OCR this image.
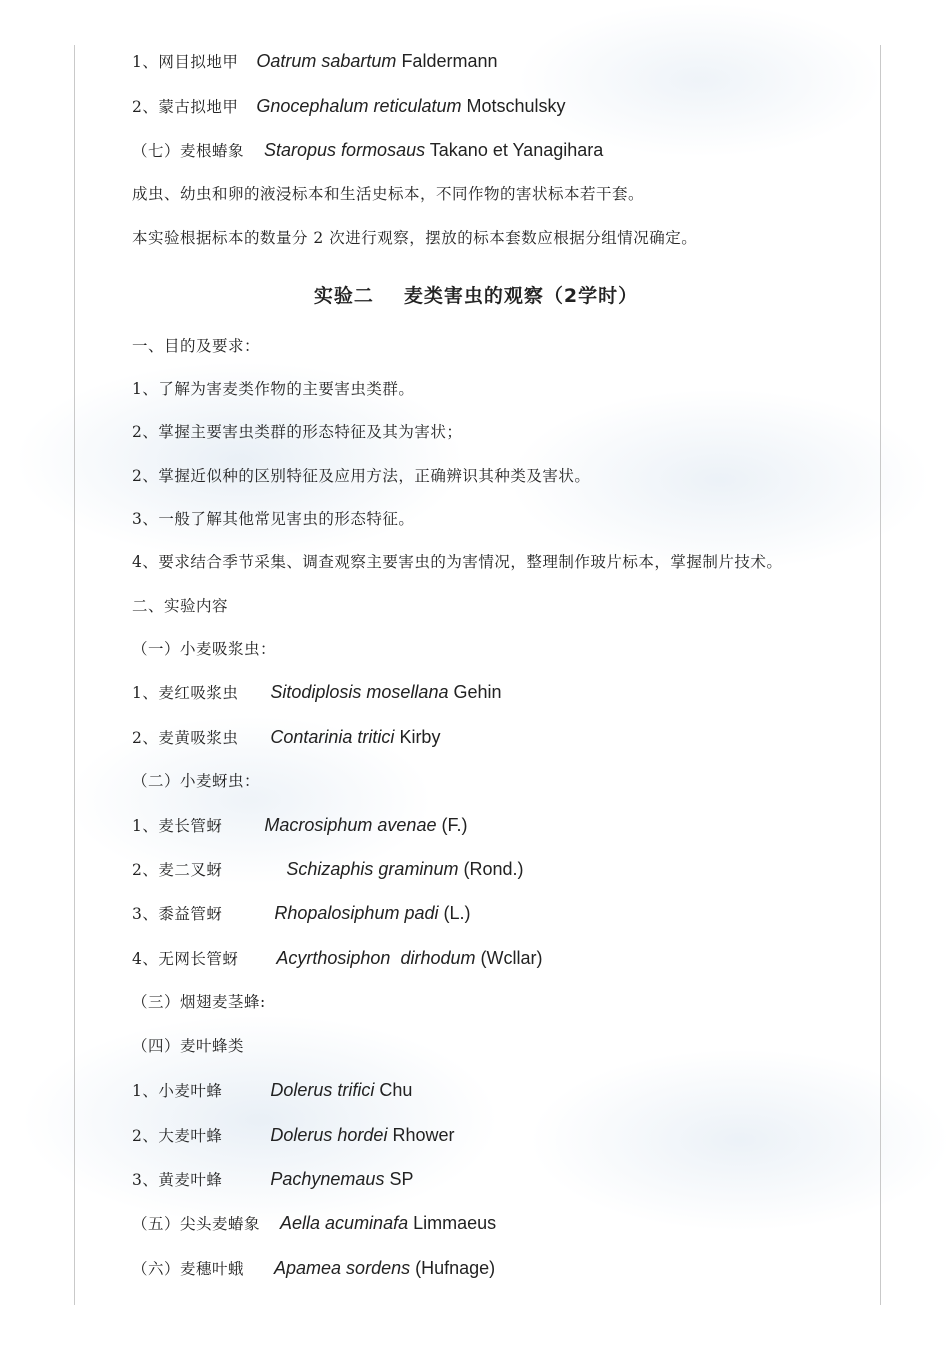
1、网目拟地甲 Oatrum sabartum Faldermann
2、蒙古拟地甲 Gnocephalum reticulatum Motschulsky
（七）麦根蝽象 Staropus formosaus Takano et Yanagihara
成虫、幼虫和卵的液浸标本和生活史标本，不同作物的害状标本若干套。
本实验根据标本的数量分 2 次进行观察，摆放的标本套数应根据分组情况确定。
实验二 麦类害虫的观察（2学时）
一、目的及要求：
1、了解为害麦类作物的主要害虫类群。
2、掌握主要害虫类群的形态特征及其为害状；
2、掌握近似种的区别特征及应用方法，正确辨识其种类及害状。
3、一般了解其他常见害虫的形态特征。
4、要求结合季节采集、调查观察主要害虫的为害情况，整理制作玻片标本，掌握制片技术。
二、实验内容
（一）小麦吸浆虫：
1、麦红吸浆虫 Sitodiplosis mosellana Gehin
2、麦黄吸浆虫 Contarinia tritici Kirby
（二）小麦蚜虫：
1、麦长管蚜 Macrosiphum avenae (F.)
2、麦二叉蚜	Schizaphis graminum (Rond.)
3、黍益管蚜	Rhopalosiphum padi (L.)
4、无网长管蚜 Acyrthosiphon  dirhodum (Wcllar)
（三）烟翅麦茎蜂:
（四）麦叶蜂类
1、小麦叶蜂	Dolerus trifici Chu
2、大麦叶蜂	Dolerus hordei Rhower
3、黄麦叶蜂	Pachynemaus SP
（五）尖头麦蝽象 Aella acuminafa Limmaeus
（六）麦穗叶蛾 Apamea sordens (Hufnage)
